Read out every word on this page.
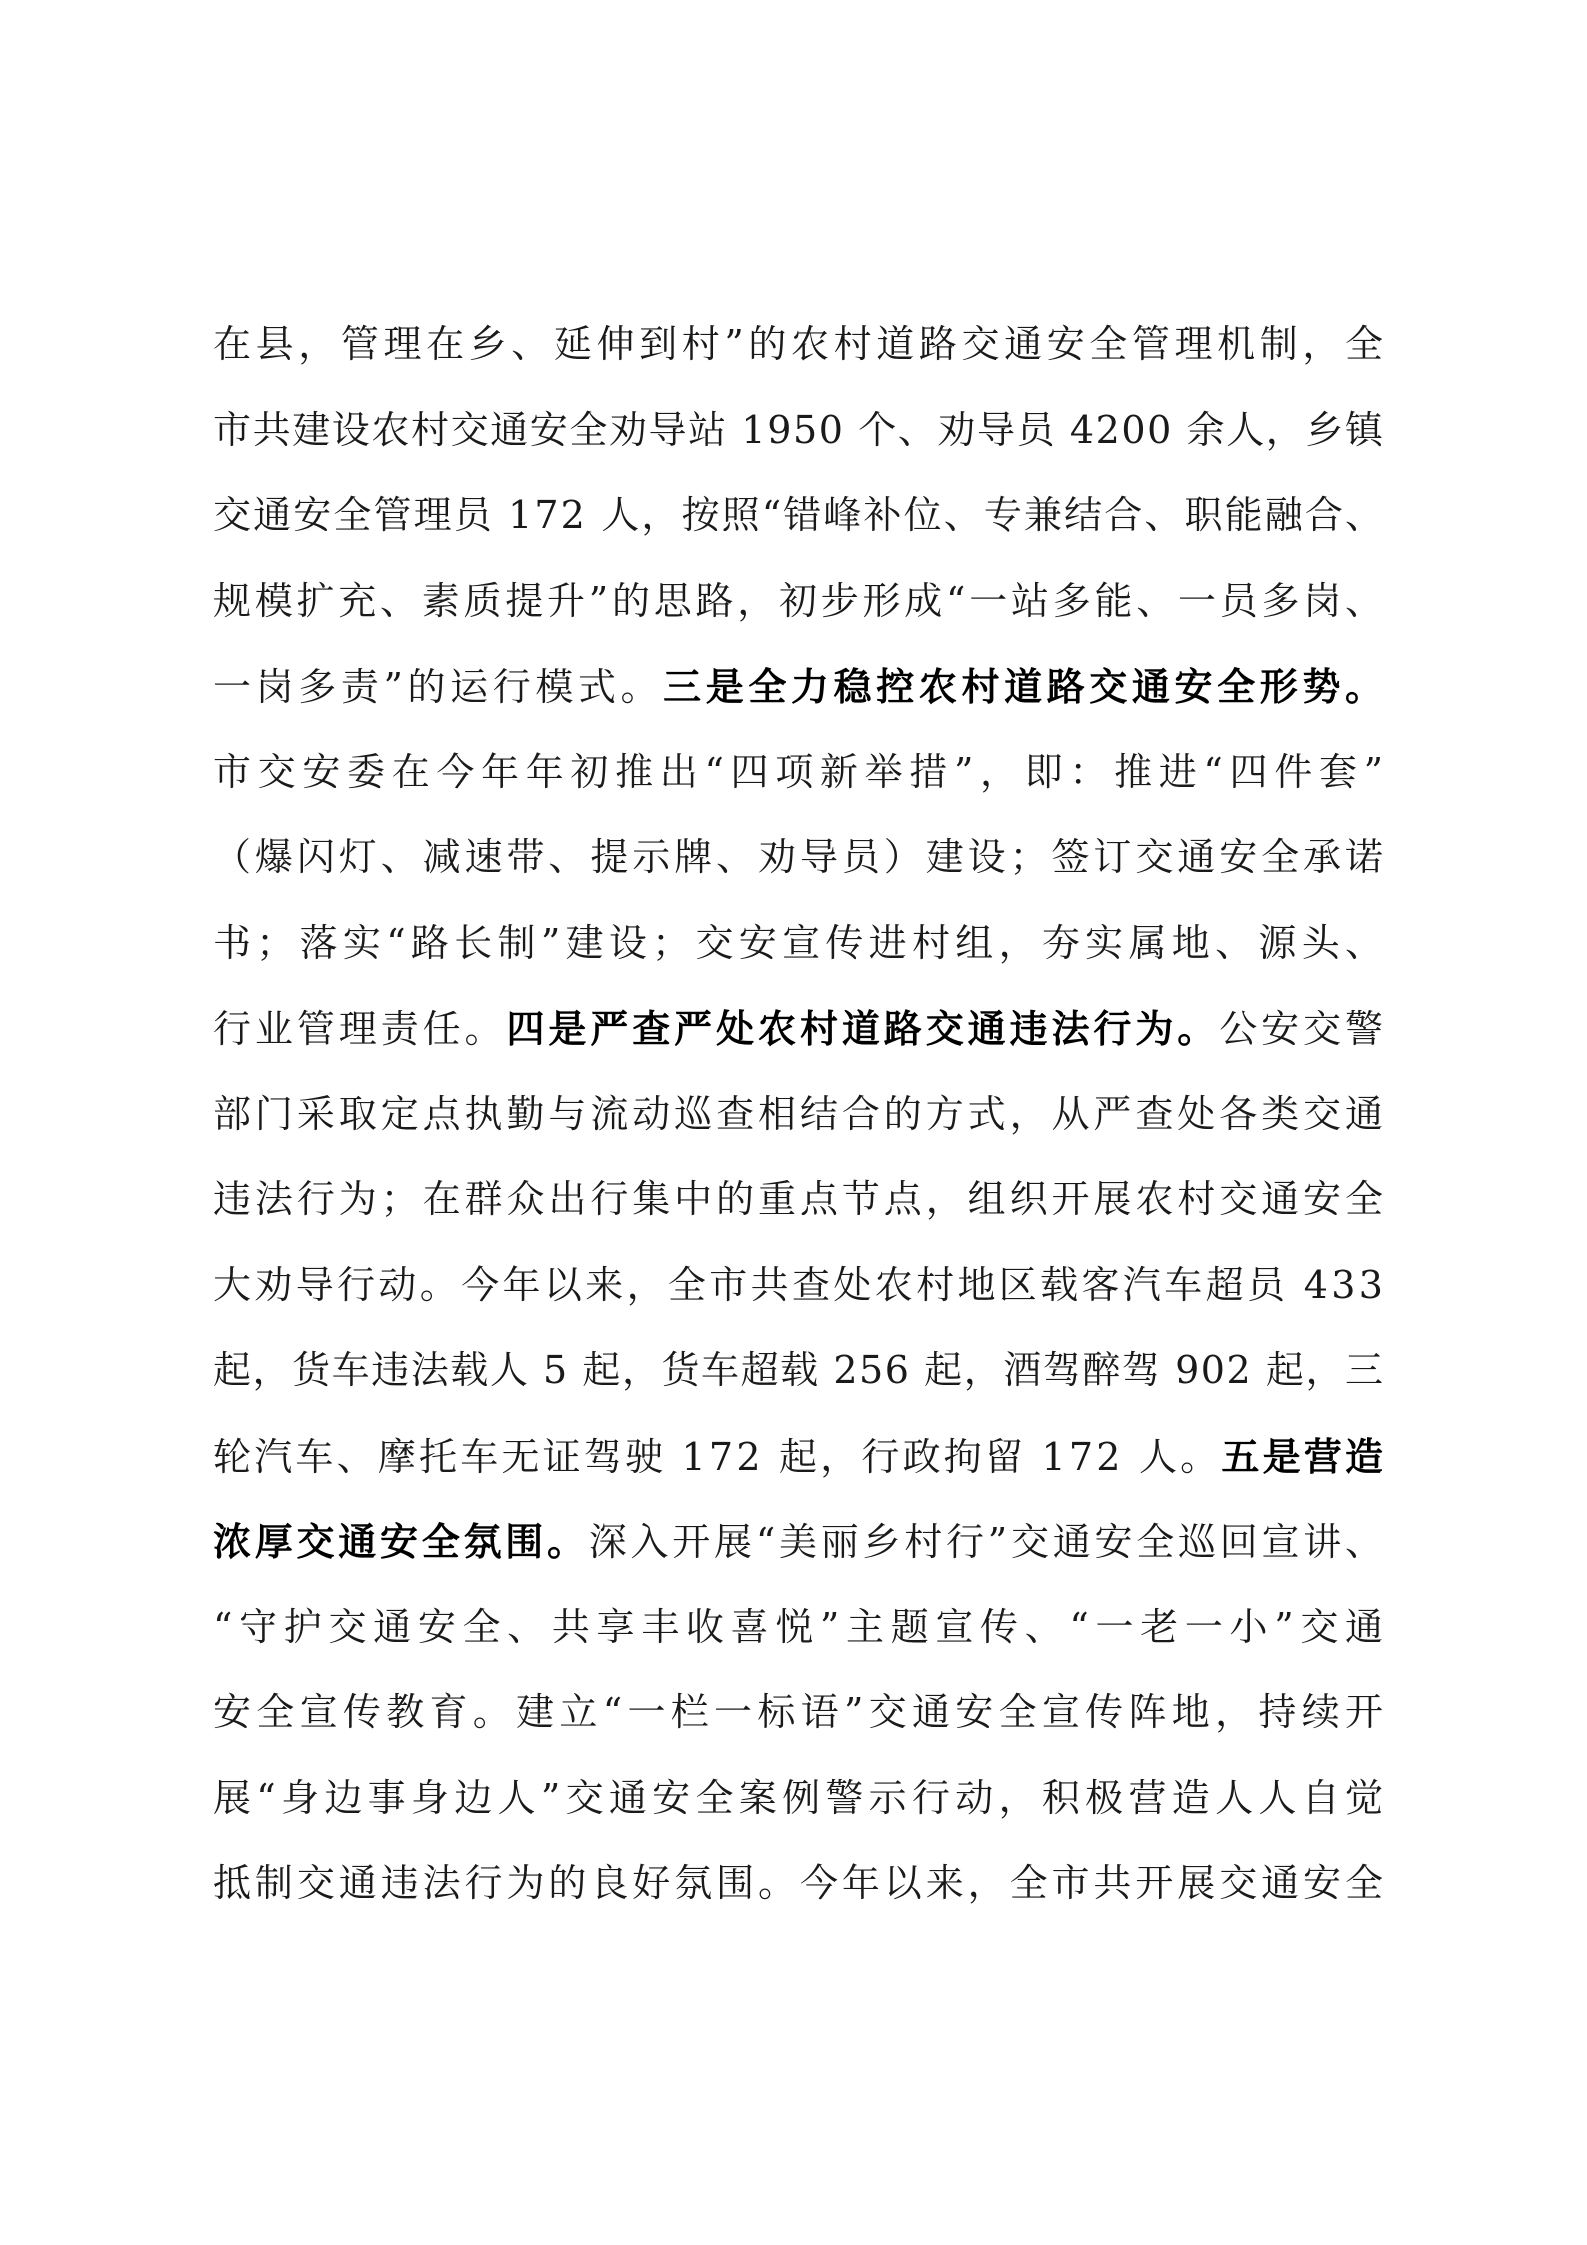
在县，管理在乡、延伸到村”的农村道路交通安全管理机制，全
市共建设农村交通安全劝导站 1950 个、劝导员 4200 余人，乡镇
交通安全管理员 172 人，按照“错峰补位、专兼结合、职能融合、
规模扩充、素质提升”的思路，初步形成“一站多能、一员多岗、
一岗多责”的运行模式。三是全力稳控农村道路交通安全形势。
市交安委在今年年初推出“四项新举措”，即：推进“四件套”
（爆闪灯、减速带、提示牌、劝导员）建设；签订交通安全承诺
书；落实“路长制”建设；交安宣传进村组，夯实属地、源头、
行业管理责任。四是严查严处农村道路交通违法行为。公安交警
部门采取定点执勤与流动巡查相结合的方式，从严查处各类交通
违法行为；在群众出行集中的重点节点，组织开展农村交通安全
大劝导行动。今年以来，全市共查处农村地区载客汽车超员 433
起，货车违法载人 5 起，货车超载 256 起，酒驾醉驾 902 起，三
轮汽车、摩托车无证驾驶 172 起，行政拘留 172 人。五是营造
浓厚交通安全氛围。深入开展“美丽乡村行”交通安全巡回宣讲、
“守护交通安全、共享丰收喜悦”主题宣传、“一老一小”交通
安全宣传教育。建立“一栏一标语”交通安全宣传阵地，持续开
展“身边事身边人”交通安全案例警示行动，积极营造人人自觉
抵制交通违法行为的良好氛围。今年以来，全市共开展交通安全
